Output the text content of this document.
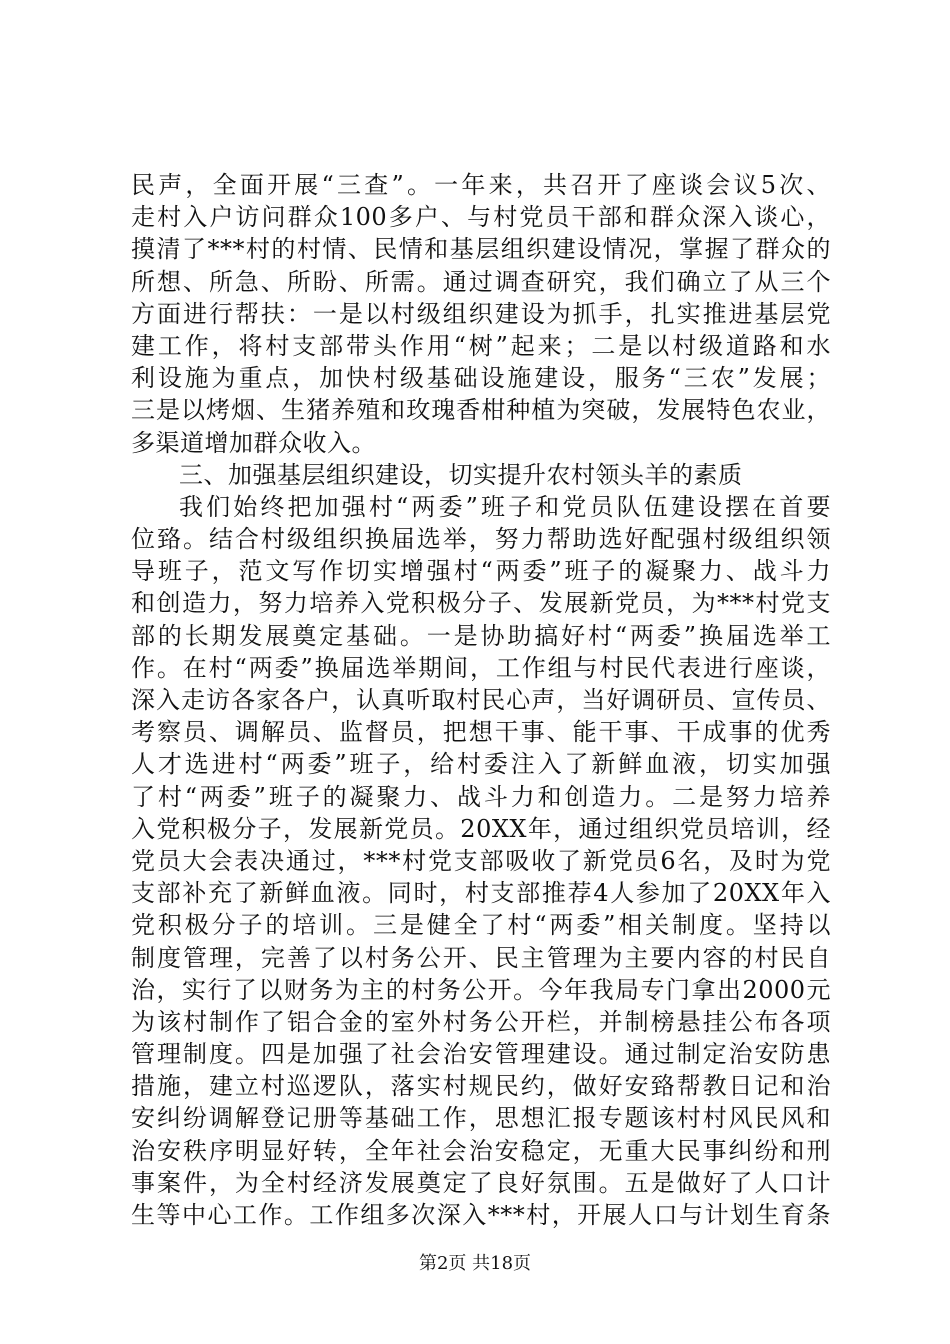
民声，全面开展“三查”。一年来，共召开了座谈会议5次、
走村入户访问群众100多户、与村党员干部和群众深入谈心，
摸清了***村的村情、民情和基层组织建设情况，掌握了群众的
所想、所急、所盼、所需。通过调查研究，我们确立了从三个
方面进行帮扶：一是以村级组织建设为抓手，扎实推进基层党
建工作，将村支部带头作用“树”起来；二是以村级道路和水
利设施为重点，加快村级基础设施建设，服务“三农”发展；
三是以烤烟、生猪养殖和玫瑰香柑种植为突破，发展特色农业，
多渠道增加群众收入。
三、加强基层组织建设，切实提升农村领头羊的素质
我们始终把加强村“两委”班子和党员队伍建设摆在首要
位臵。结合村级组织换届选举，努力帮助选好配强村级组织领
导班子，范文写作切实增强村“两委”班子的凝聚力、战斗力
和创造力，努力培养入党积极分子、发展新党员，为***村党支
部的长期发展奠定基础。一是协助搞好村“两委”换届选举工
作。在村“两委”换届选举期间，工作组与村民代表进行座谈，
深入走访各家各户，认真听取村民心声，当好调研员、宣传员、
考察员、调解员、监督员，把想干事、能干事、干成事的优秀
人才选进村“两委”班子，给村委注入了新鲜血液，切实加强
了村“两委”班子的凝聚力、战斗力和创造力。二是努力培养
入党积极分子，发展新党员。20XX年，通过组织党员培训，经
党员大会表决通过，***村党支部吸收了新党员6名，及时为党
支部补充了新鲜血液。同时，村支部推荐4人参加了20XX年入
党积极分子的培训。三是健全了村“两委”相关制度。坚持以
制度管理，完善了以村务公开、民主管理为主要内容的村民自
治，实行了以财务为主的村务公开。今年我局专门拿出2000元
为该村制作了铝合金的室外村务公开栏，并制榜悬挂公布各项
管理制度。四是加强了社会治安管理建设。通过制定治安防患
措施，建立村巡逻队，落实村规民约，做好安臵帮教日记和治
安纠纷调解登记册等基础工作，思想汇报专题该村村风民风和
治安秩序明显好转，全年社会治安稳定，无重大民事纠纷和刑
事案件，为全村经济发展奠定了良好氛围。五是做好了人口计
生等中心工作。工作组多次深入***村，开展人口与计划生育条
第2页 共18页
